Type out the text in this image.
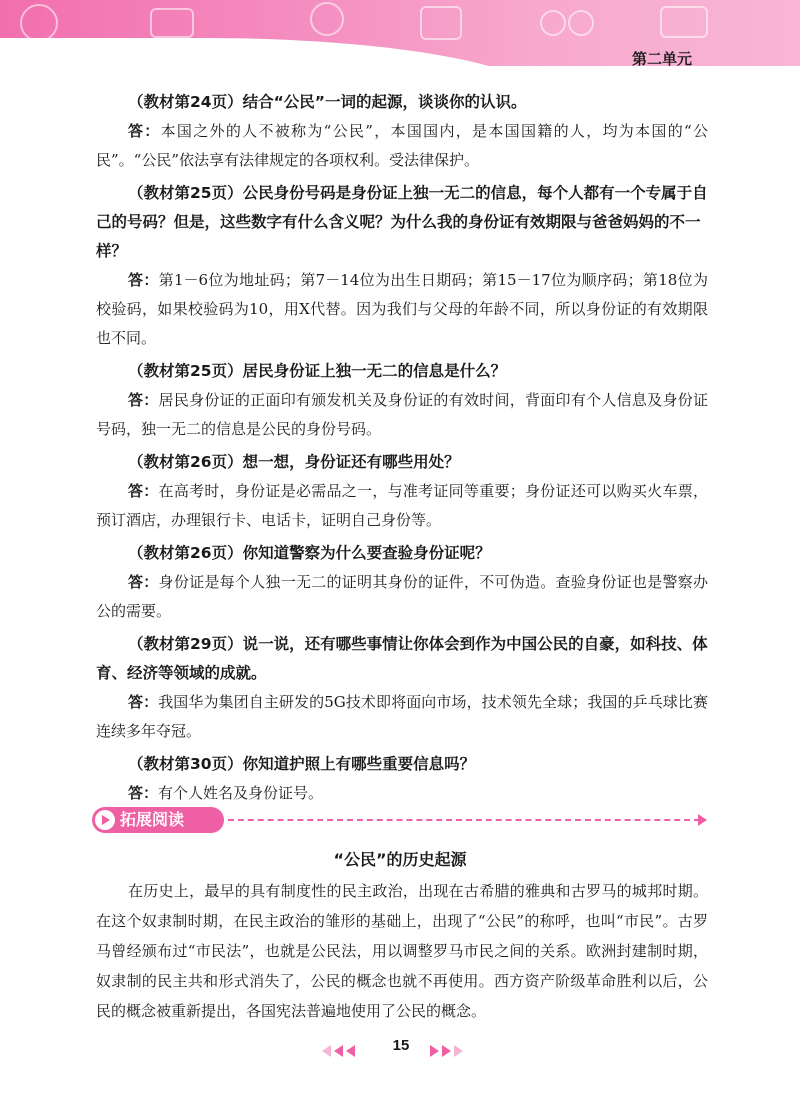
第二单元

（教材第24页）结合“公民”一词的起源，谈谈你的认识。

答：本国之外的人不被称为“公民”，本国国内，是本国国籍的人，均为本国的“公民”。“公民”依法享有法律规定的各项权利。受法律保护。

（教材第25页）公民身份号码是身份证上独一无二的信息，每个人都有一个专属于自己的号码？但是，这些数字有什么含义呢？为什么我的身份证有效期限与爸爸妈妈的不一样？

答：第1－6位为地址码；第7－14位为出生日期码；第15－17位为顺序码；第18位为校验码，如果校验码为10，用X代替。因为我们与父母的年龄不同，所以身份证的有效期限也不同。

（教材第25页）居民身份证上独一无二的信息是什么？

答：居民身份证的正面印有颁发机关及身份证的有效时间，背面印有个人信息及身份证号码，独一无二的信息是公民的身份号码。

（教材第26页）想一想，身份证还有哪些用处？

答：在高考时，身份证是必需品之一，与准考证同等重要；身份证还可以购买火车票，预订酒店，办理银行卡、电话卡，证明自己身份等。

（教材第26页）你知道警察为什么要查验身份证呢？

答：身份证是每个人独一无二的证明其身份的证件，不可伪造。查验身份证也是警察办公的需要。

（教材第29页）说一说，还有哪些事情让你体会到作为中国公民的自豪，如科技、体育、经济等领域的成就。

答：我国华为集团自主研发的5G技术即将面向市场，技术领先全球；我国的乒乓球比赛连续多年夺冠。

（教材第30页）你知道护照上有哪些重要信息吗？

答：有个人姓名及身份证号。

拓展阅读
“公民”的历史起源

在历史上，最早的具有制度性的民主政治，出现在古希腊的雅典和古罗马的城邦时期。在这个奴隶制时期，在民主政治的雏形的基础上，出现了“公民”的称呼，也叫“市民”。古罗马曾经颁布过“市民法”，也就是公民法，用以调整罗马市民之间的关系。欧洲封建制时期，奴隶制的民主共和形式消失了，公民的概念也就不再使用。西方资产阶级革命胜利以后，公民的概念被重新提出，各国宪法普遍地使用了公民的概念。

15
